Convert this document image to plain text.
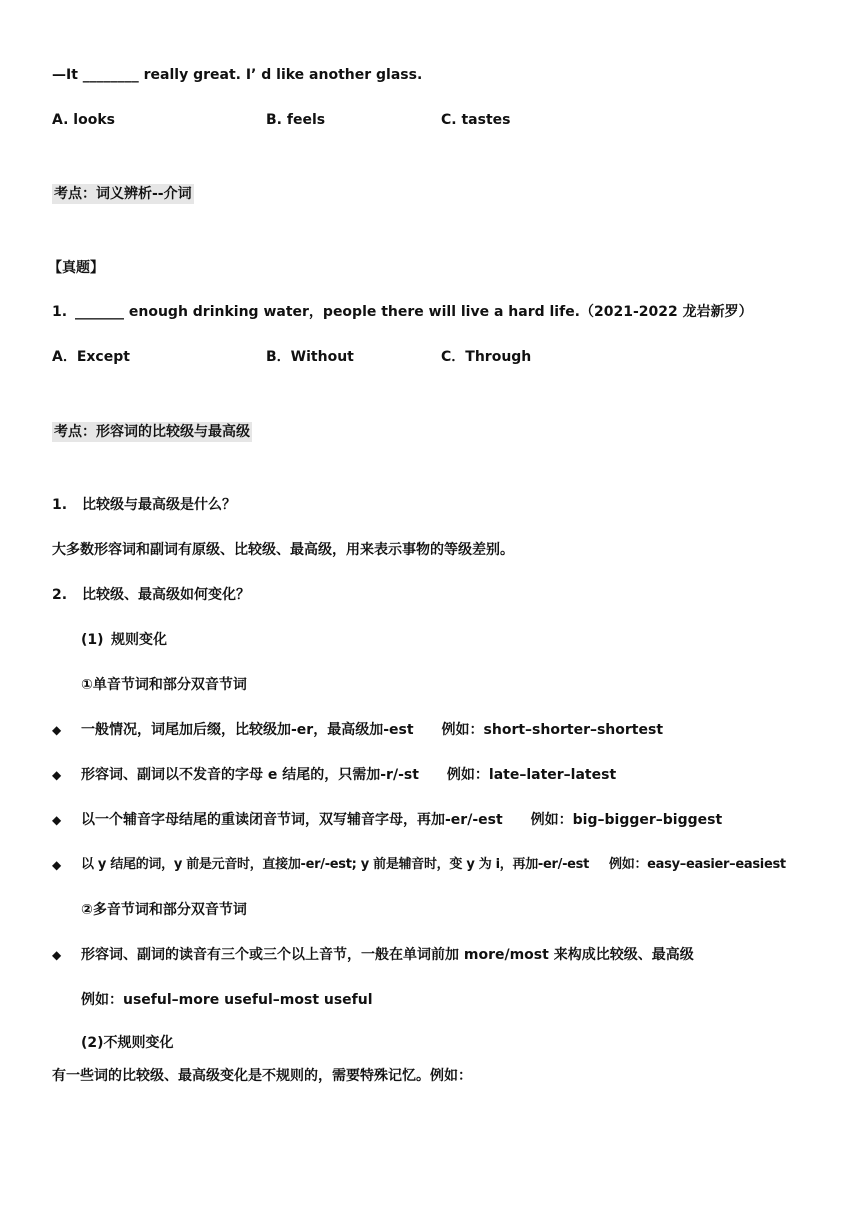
—It ________ really great. I’ d like another glass.
A. looks	B. feels	C. tastes
考点：词义辨析--介词
【真题】
1. _______ enough drinking water，people there will live a hard life.（2021-2022 龙岩新罗）
A．Except	B．Without	C．Through
考点：形容词的比较级与最高级
1. 比较级与最高级是什么？
大多数形容词和副词有原级、比较级、最高级，用来表示事物的等级差别。
2. 比较级、最高级如何变化？
(1) 规则变化
①单音节词和部分双音节词
◆ 一般情况，词尾加后缀，比较级加-er，最高级加-est 例如：short–shorter–shortest
◆ 形容词、副词以不发音的字母 e 结尾的，只需加-r/-st 例如：late–later–latest
◆ 以一个辅音字母结尾的重读闭音节词，双写辅音字母，再加-er/-est 例如：big–bigger–biggest
◆ 以 y 结尾的词，y 前是元音时，直接加-er/-est; y 前是辅音时，变 y 为 i，再加-er/-est 例如：easy–easier–easiest
②多音节词和部分双音节词
◆ 形容词、副词的读音有三个或三个以上音节，一般在单词前加 more/most 来构成比较级、最高级
例如：useful–more useful–most useful
(2)不规则变化
有一些词的比较级、最高级变化是不规则的，需要特殊记忆。例如：
